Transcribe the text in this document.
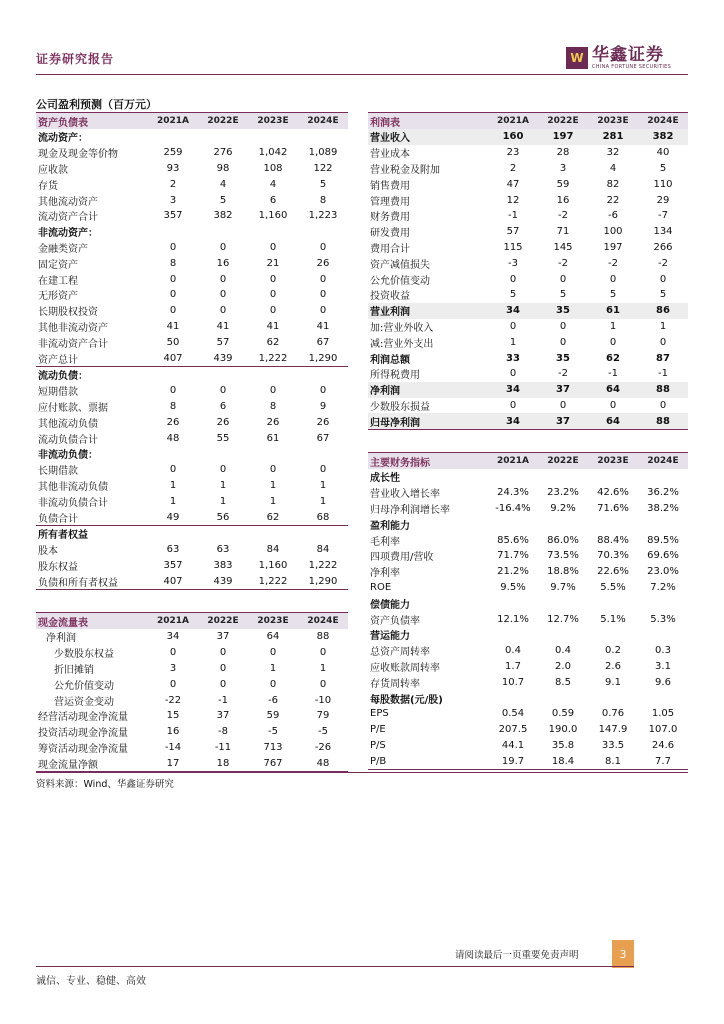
证券研究报告	W 华鑫证券
CHINA FORTUNE SECURITIES
公司盈利预测（百万元）
资产负债表	2021A	2022E	2023E	2024E
流动资产：				
现金及现金等价物	259	276	1,042	1,089
应收款	93	98	108	122
存货	2	4	4	5
其他流动资产	3	5	6	8
流动资产合计	357	382	1,160	1,223
非流动资产：				
金融类资产	0	0	0	0
固定资产	8	16	21	26
在建工程	0	0	0	0
无形资产	0	0	0	0
长期股权投资	0	0	0	0
其他非流动资产	41	41	41	41
非流动资产合计	50	57	62	67
资产总计	407	439	1,222	1,290
流动负债：				
短期借款	0	0	0	0
应付账款、票据	8	6	8	9
其他流动负债	26	26	26	26
流动负债合计	48	55	61	67
非流动负债：				
长期借款	0	0	0	0
其他非流动负债	1	1	1	1
非流动负债合计	1	1	1	1
负债合计	49	56	62	68
所有者权益				
股本	63	63	84	84
股东权益	357	383	1,160	1,222
负债和所有者权益	407	439	1,222	1,290
利润表	2021A	2022E	2023E	2024E
营业收入	160	197	281	382
营业成本	23	28	32	40
营业税金及附加	2	3	4	5
销售费用	47	59	82	110
管理费用	12	16	22	29
财务费用	-1	-2	-6	-7
研发费用	57	71	100	134
费用合计	115	145	197	266
资产减值损失	-3	-2	-2	-2
公允价值变动	0	0	0	0
投资收益	5	5	5	5
营业利润	34	35	61	86
加:营业外收入	0	0	1	1
减:营业外支出	1	0	0	0
利润总额	33	35	62	87
所得税费用	0	-2	-1	-1
净利润	34	37	64	88
少数股东损益	0	0	0	0
归母净利润	34	37	64	88
主要财务指标	2021A	2022E	2023E	2024E
成长性				
营业收入增长率	24.3%	23.2%	42.6%	36.2%
归母净利润增长率	-16.4%	9.2%	71.6%	38.2%
盈利能力				
毛利率	85.6%	86.0%	88.4%	89.5%
四项费用/营收	71.7%	73.5%	70.3%	69.6%
净利率	21.2%	18.8%	22.6%	23.0%
ROE	9.5%	9.7%	5.5%	7.2%
偿债能力				
资产负债率	12.1%	12.7%	5.1%	5.3%
营运能力				
总资产周转率	0.4	0.4	0.2	0.3
应收账款周转率	1.7	2.0	2.6	3.1
存货周转率	10.7	8.5	9.1	9.6
每股数据(元/股)				
EPS	0.54	0.59	0.76	1.05
P/E	207.5	190.0	147.9	107.0
P/S	44.1	35.8	33.5	24.6
P/B	19.7	18.4	8.1	7.7
现金流量表	2021A	2022E	2023E	2024E
净利润	34	37	64	88
少数股东权益	0	0	0	0
折旧摊销	3	0	1	1
公允价值变动	0	0	0	0
营运资金变动	-22	-1	-6	-10
经营活动现金净流量	15	37	59	79
投资活动现金净流量	16	-8	-5	-5
筹资活动现金净流量	-14	-11	713	-26
现金流量净额	17	18	767	48
资料来源：Wind、华鑫证券研究
请阅读最后一页重要免责声明	3
诚信、专业、稳健、高效
